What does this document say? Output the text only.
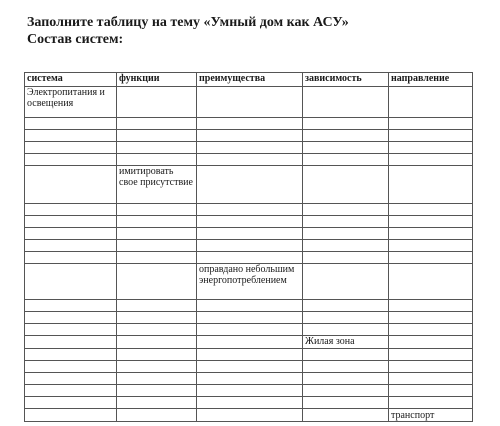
Заполните таблицу на тему «Умный дом как АСУ»
Состав систем:
система	функции	преимущества	зависимость	направление
Электропитания и освещения				

	имитировать свое присутствие			

		оправдано небольшим энергопотреблением		

			Жилая зона	

				транспорт
